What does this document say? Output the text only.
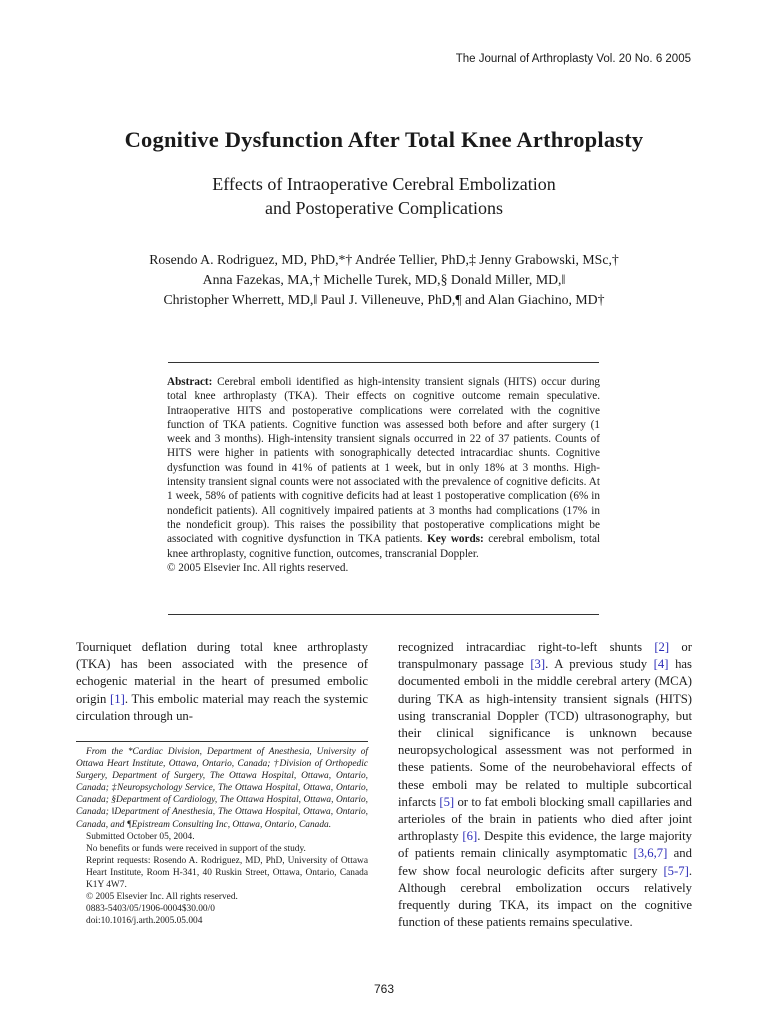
The Journal of Arthroplasty Vol. 20 No. 6 2005
Cognitive Dysfunction After Total Knee Arthroplasty
Effects of Intraoperative Cerebral Embolization
and Postoperative Complications
Rosendo A. Rodriguez, MD, PhD,*† Andrée Tellier, PhD,‡ Jenny Grabowski, MSc,†
Anna Fazekas, MA,† Michelle Turek, MD,§ Donald Miller, MD,‖
Christopher Wherrett, MD,‖ Paul J. Villeneuve, PhD,¶ and Alan Giachino, MD†
Abstract: Cerebral emboli identified as high-intensity transient signals (HITS) occur during total knee arthroplasty (TKA). Their effects on cognitive outcome remain speculative. Intraoperative HITS and postoperative complications were correlated with the cognitive function of TKA patients. Cognitive function was assessed both before and after surgery (1 week and 3 months). High-intensity transient signals occurred in 22 of 37 patients. Counts of HITS were higher in patients with sonographically detected intracardiac shunts. Cognitive dysfunction was found in 41% of patients at 1 week, but in only 18% at 3 months. High-intensity transient signal counts were not associated with the prevalence of cognitive deficits. At 1 week, 58% of patients with cognitive deficits had at least 1 postoperative complication (6% in nondeficit patients). All cognitively impaired patients at 3 months had complications (17% in the nondeficit group). This raises the possibility that postoperative complications might be associated with cognitive dysfunction in TKA patients. Key words: cerebral embolism, total knee arthroplasty, cognitive function, outcomes, transcranial Doppler.
© 2005 Elsevier Inc. All rights reserved.
Tourniquet deflation during total knee arthroplasty (TKA) has been associated with the presence of echogenic material in the heart of presumed embolic origin [1]. This embolic material may reach the systemic circulation through un-

From the *Cardiac Division, Department of Anesthesia, University of Ottawa Heart Institute, Ottawa, Ontario, Canada; †Division of Orthopedic Surgery, Department of Surgery, The Ottawa Hospital, Ottawa, Ontario, Canada; ‡Neuropsychology Service, The Ottawa Hospital, Ottawa, Ontario, Canada; §Department of Cardiology, The Ottawa Hospital, Ottawa, Ontario, Canada; ‖Department of Anesthesia, The Ottawa Hospital, Ottawa, Ontario, Canada, and ¶Epistream Consulting Inc, Ottawa, Ontario, Canada.

Submitted October 05, 2004.

No benefits or funds were received in support of the study.

Reprint requests: Rosendo A. Rodriguez, MD, PhD, University of Ottawa Heart Institute, Room H-341, 40 Ruskin Street, Ottawa, Ontario, Canada K1Y 4W7.

© 2005 Elsevier Inc. All rights reserved.

0883-5403/05/1906-0004$30.00/0

doi:10.1016/j.arth.2005.05.004

recognized intracardiac right-to-left shunts [2] or transpulmonary passage [3]. A previous study [4] has documented emboli in the middle cerebral artery (MCA) during TKA as high-intensity transient signals (HITS) using transcranial Doppler (TCD) ultrasonography, but their clinical significance is unknown because neuropsychological assessment was not performed in these patients. Some of the neurobehavioral effects of these emboli may be related to multiple subcortical infarcts [5] or to fat emboli blocking small capillaries and arterioles of the brain in patients who died after joint arthroplasty [6]. Despite this evidence, the large majority of patients remain clinically asymptomatic [3,6,7] and few show focal neurologic deficits after surgery [5-7]. Although cerebral embolization occurs relatively frequently during TKA, its impact on the cognitive function of these patients remains speculative.
763
